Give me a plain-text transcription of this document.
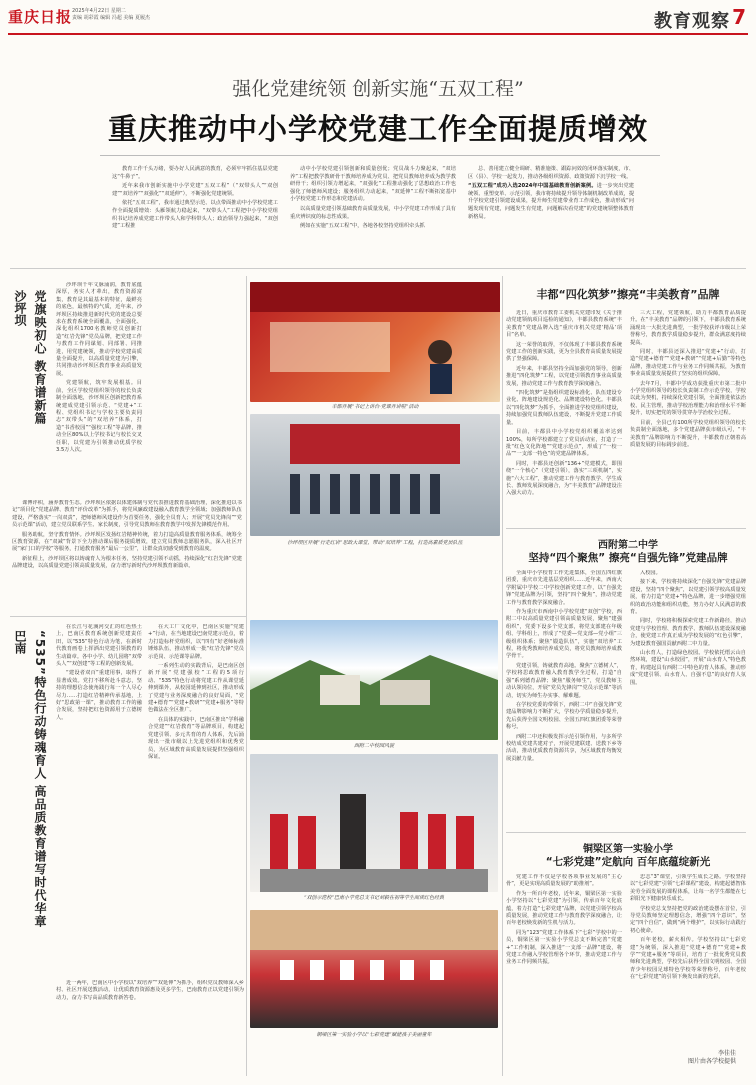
重庆日报 2025年4月22日 星期二
责编 胡彩霞 编辑 冯超 美编 夏履杰	教育观察 7
强化党建统领 创新实施“五双工程”
重庆推动中小学校党建工作全面提质增效

教育工作千头万绪，要办好人民满意的教育，必须牢牢抓住基层党建这“牛鼻子”。

近年来我市创新实施中小学党建“五双工程”（“双带头人”“双创建”“双培养”“双强化”“双延伸”），不断强化党建统领。

依托“五双工程”，我市通过典型示范、以点带面推动中小学校党建工作全面提质增效：头雁领航力稳起来，“双带头人”工程把中小学校党组织书记培养成党建工作带头人和学科带头人；政治领导力强起来，“双创建”工程推

动中小学校党建引领创新和质量创优；党员战斗力聚起来，“双培养”工程把教学教研骨干教师培养成为党员、把党员教师培养成为教学教研骨干；组织引领力增起来，“双强化”工程推动强化了思想政治工作也强化了师德师风建设；服务组织力动起来，“双延伸”工程不断拓宽基中小学校党建工作形态和党建活动。

以高质量党建引领基础教育高质量发展，中小学党建工作形成了具有重庆辨识度的标志性成果。

例如在实施“五双工程”中，各地各校坚持党组织牵头抓

总、善用建立健全调研、精准施策、跟踪问效的闭环落实制度，市、区（县）、学校一起发力，推动各级组织资源、政策资源下沉学校一线。

“五双工程”成功入选2024年中国基础教育创新案例。进一步突出党建统领、重塑变革、示范引领，我市将持续提升领导体制机制改革成效，提升学校党建引领建设成果，提升师生党建带业育工作成色，推动形成“问题发现有党建，问题发生有党建，问题解决看党建”的党建统领整体教育新格局。

沙坪坝 党旗映初心 教育谱新篇

沙坪坝千年文脉涌润，教育底蕴深厚，务实人才辈出，教育资源富集，教育是其最基本的特征，最鲜亮的底色，最核特的气质，近年来，沙坪坝区持续推进新时代党的建设总要求在教育系统全面覆盖，全面强化、深化组织1700名教师党员创新打造“红岩先锋”党员品牌，把党建工作与教育工作同谋划、同部署、同推进，用党建统领，推动学校党建高质量全面提升，以高质量党建为引擎，共同推动沙坪坝区教育事业高质量发展。

党建领航，筑牢发展根基。目前，全区学校党组织领导的校长负责制全面落地，沙坪坝区创新把教育系统建成党建引领示范、“党建+”工程、党组织书记与学校主要负责同志“双带头”的“双培养”体系，打造“书香校园”“强校工程”等品牌，推动全区80%以上学校书记与校长交叉任职，以党建为引领推动优质学校3.5万人次。

课博评积，涵养教育生态。沙坪坝区依据以体建体制与党代表推进教育基础治理，深化推进以书记“项目化”党建品牌、教育“评价改革”为抓手，将党风廉政建设融入教育教学全领域；加强教师队伍建设，严格落实“一岗双责”，把师德师风建设作为首要任务，强化全员育人；开展“党员先锋岗”“党员示范课”活动，建立党员联系学生、家长制度，引导党员教师在教育教学中发挥先锋模范作用。

服务助航，坚守教育情怀。沙坪坝区发扬红岩精神传统，着力打造高质量教育服务体系，统筹全区教育资源，在“双减”背景下全力推动课后服务提质增效，建立党员教师志愿服务队，深入社区开展“家门口的学校”等服务，打通教育服务“最后一公里”，让群众真切感受到教育的温度。

新征程上，沙坪坝区将以铸魂育人为根本任务，坚持党建引领不动摇，持续深化“红岩先锋”党建品牌建设，以高质量党建引领高质量发展，奋力谱写新时代沙坪坝教育新篇章。

丰都开展“书记上讲台·党课开讲啦”活动
沙坪坝区开展“行走红岩”思政大课堂，带动“双培养”工程，打造高素质党员队伍
巴南 “535”特色行动铸魂育人 高品质教育谱写时代华章

在长江与花溪河交汇的红色热土上，巴南区教育系统创新党建责任田，以“535”特色行动为笔，在新时代教育画卷上挥洒出党建引领教育的生动篇章。各中小学、幼儿园将“双带头人”“双创建”等工程的创新发展。

“建设者双百”重建用事，取得了显著成效。党打不移所赴斗意志，坚持的理想信念使角践行每一个人尽心尽力……打造红岩精神传承基地，上好“思政第一课”，推动教育工作的融合发展，坚持把红色资源用于立德树人。

在大工厂文化中，巴南区实施“党建+”行动，在当地建设巴南党建示范点，着力打造标杆党组织，以“四有”好老师标准锤炼队伍，推动形成一批“红岩先锋”党员示范岗、示范课等品牌。

一系列生动的实践背后，是巴南区创新开展“党建强校”工程的5项行动、“535”特色行动将党建工作从课堂延伸到课外，从校园延伸到社区，推动形成了党建与业务深度融合的良好局面，“党建+德育”“党建+教研”“党建+服务”等特色做法在全区推广。

在具体的实践中，巴南区推出“学科融合党建”“红岩教育”等品牌项目，构建起党建引领、多元共育的育人体系，先后涌现出一批市级以上先进党组织和优秀党员，为区域教育高质量发展提供坚强组织保证。

近一两年，巴南区中小学校以“双培养”“双延伸”为抓手，组织党员教师深入乡村、社区开展送教活动，让优质教育资源惠及更多学生，巴南教育正以党建引领为动力，奋力书写高品质教育新答卷。

西附二中校园风貌
“双创示范校”巴南小学党总支书记刘毅在初等学生阅读红色经典
铜梁区第一实验小学以“七彩党建”赋能孩子美丽童年
丰都“四化筑梦”擦亮“丰美教育”品牌

近日，重庆市教育工委机关党建印发《关于推动党建领航项目巡检的通知》，丰都县教育系统“丰美教育”党建品牌入选“重庆市机关党建‘精品’项目”名单。

这一荣誉的取得，不仅体现了丰都县教育系统党建工作的创新实践，更为全县教育高质量发展提供了坚强保障。

近年来，丰都县坚持全面加强党的领导，创新推进“四化筑梦”工程，以党建引领教育事业高质量发展，推动党建工作与教育教学深度融合。

“四化筑梦”是指组织建设标准化、队伍建设专业化、阵地建设规范化、品牌建设特色化。丰都县以“四化筑梦”为抓手，全面推进学校党组织建设，持续加强党员教师队伍建设，不断提升党建工作质量。

目前，丰都县中小学校党组织覆盖率达到100%，每所学校都建立了党员活动室，打造了一批“红色文化阵地”“党建示范点”，形成了“一校一品”“一支部一特色”的党建品牌体系。

同时，丰都县还创新“136+”党建模式，即围绕“一个核心”（党建引领），落实“三项机制”，实施“六大工程”，推动党建工作与教育教学、学生成长、教师发展深度融合，为“丰美教育”品牌建设注入强大动力。

三大工程，党建领航，助力丰都教育品质提升。在“丰美教育”品牌的引领下，丰都县教育系统涌现出一大批先进典型，一批学校获评市级以上荣誉称号，教育教学质量稳步提升，群众满意度持续提高。

同时，丰都县还深入推进“党建+”行动，打造“党建+德育”“党建+教研”“党建+后勤”等特色品牌，推动党建工作与业务工作同频共振，为教育事业高质量发展提供了坚实的组织保障。

去年7月，丰都中学成功获批重庆市第二批中小学党组织领导的校长负责制工作示范学校，学校以此为契机，持续深化党建引领，全面推进依法治校、民主管理，推动学校治理能力和治理水平不断提升，切实把党的领导贯穿办学治校全过程。

目前，全县已有100所学校党组织领导的校长负责制全面落地，多个党建品牌获市级认可，“丰美教育”品牌影响力不断提升，丰都教育正朝着高质量发展的目标阔步前进。

西附第二中学
坚持“四个聚焦” 擦亮“自强先锋”党建品牌

全面中小学校育工作先进集体，全国五四红旗团委，重庆市先进基层党组织……近年来，西南大学附属中学校二中学校创新党建工作，以“自强先锋”党建品牌为引领，坚持“四个聚焦”，推动党建工作与教育教学深度融合。

作为重庆市西南中小学校党建“双创”学校，西附二中以高质量党建引领高质量发展，聚焦“建强组织”，党委下设多个党支部，将党支部建在年级组、学科组上，形成了“党委—党支部—党小组”三级组织体系；聚焦“锻造队伍”，实施“双培养”工程，将优秀教师培养成党员，将党员教师培养成教学骨干。

党建引领，铸就教育高地。聚焦“立德树人”，学校将思政教育融入教育教学全过程，打造“自强”系列德育品牌；聚焦“服务师生”，党员教师主动认领岗位，开展“党员先锋岗”“党员示范课”等活动，切实为师生办实事、解难题。

在学校党委的带领下，西附二中“自强先锋”党建品牌影响力不断扩大，学校办学质量稳步提升，先后获得全国文明校园、全国五四红旗团委等荣誉称号。

西附二中还积极发挥示范引领作用，与多所学校结成党建共建对子，开展党建联建、送教下乡等活动，推动优质教育资源共享，为区域教育均衡发展贡献力量。

入校园。

接下来，学校将持续深化“自强先锋”党建品牌建设，坚持“四个聚焦”，以党建引领学校高质量发展，着力打造“党建+”特色品牌，进一步增强党组织的政治功能和组织功能，努力办好人民满意的教育。

同时，学校将积极探索党建工作新路径，推动党建与学校管理、教育教学、教师队伍建设深度融合，使党建工作真正成为学校发展的“红色引擎”，为建设教育强国贡献西附二中力量。

山水育人，打造绿色校园。学校依托缙云山自然环境，建设“山水校园”，开展“山水育人”特色教育，构建起具有西附二中特色的育人体系，推动形成“党建引领、山水育人、自强不息”的良好育人氛围。

铜梁区第一实验小学
“七彩党建”定航向 百年底蕴绽新光

党建工作不仅是学校各项事业发展的“主心骨”，更是实现高质量发展的“助推剂”。

作为一所百年老校，近年来，铜梁区第一实验小学坚持以“七彩党建”为引领，传承百年文化底蕴，着力打造“七彩党建”品牌，以党建引领学校高质量发展，推动党建工作与教育教学深度融合，让百年老校焕发新的生机与活力。

同为“123”党建工作体系下“七彩”学校中的一员，铜梁区第一实验小学党总支不断完善“党建+”工作机制，深入推进“一支部一品牌”建设，将党建工作融入学校管理各个环节，推动党建工作与业务工作同频共振。

忠志“3”课堂，引领学生成长之路。学校坚持以“七彩党建”引领“七彩课程”建设，构建起德智体美劳全面发展的课程体系，让每一名学生都能在七彩阳光下健康快乐成长。

学校党总支坚持把党的政治建设摆在首位，引导党员教师坚定理想信念，增强“四个意识”，坚定“四个自信”，做到“两个维护”，以实际行动践行初心使命。

百年老校，薪火相传。学校坚持以“七彩党建”为统领，深入推进“党建+德育”“党建+教学”“党建+服务”等项目，培育了一批优秀党员教师和先进典型，学校先后获得全国文明校园、全国青少年校园足球特色学校等荣誉称号，百年老校在“七彩党建”的引领下焕发出新的光彩。

李佳佳
图片由各学校提供
